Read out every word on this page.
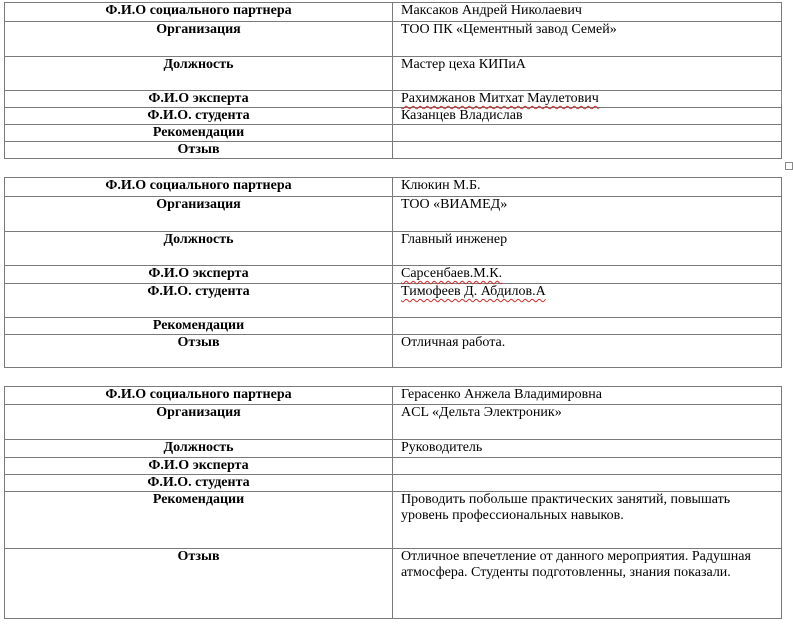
Ф.И.О социального партнера	Максаков Андрей Николаевич
Организация	ТОО ПК «Цементный завод Семей»
Должность	Мастер цеха КИПиА
Ф.И.О эксперта	Рахимжанов Митхат Маулетович
Ф.И.О. студента	Казанцев Владислав
Рекомендации	
Отзыв	
Ф.И.О социального партнера	Клюкин М.Б.
Организация	ТОО «ВИАМЕД»
Должность	Главный инженер
Ф.И.О эксперта	Сарсенбаев.М.К.
Ф.И.О. студента	Тимофеев Д. Абдилов.А
Рекомендации	
Отзыв	Отличная работа.
Ф.И.О социального партнера	Герасенко Анжела Владимировна
Организация	ACL «Дельта Электроник»
Должность	Руководитель
Ф.И.О эксперта	
Ф.И.О. студента	
Рекомендации	Проводить побольше практических занятий, повышать уровень профессиональных навыков.
Отзыв	Отличное впечетление от данного мероприятия. Радушная атмосфера. Студенты подготовленны, знания показали.
